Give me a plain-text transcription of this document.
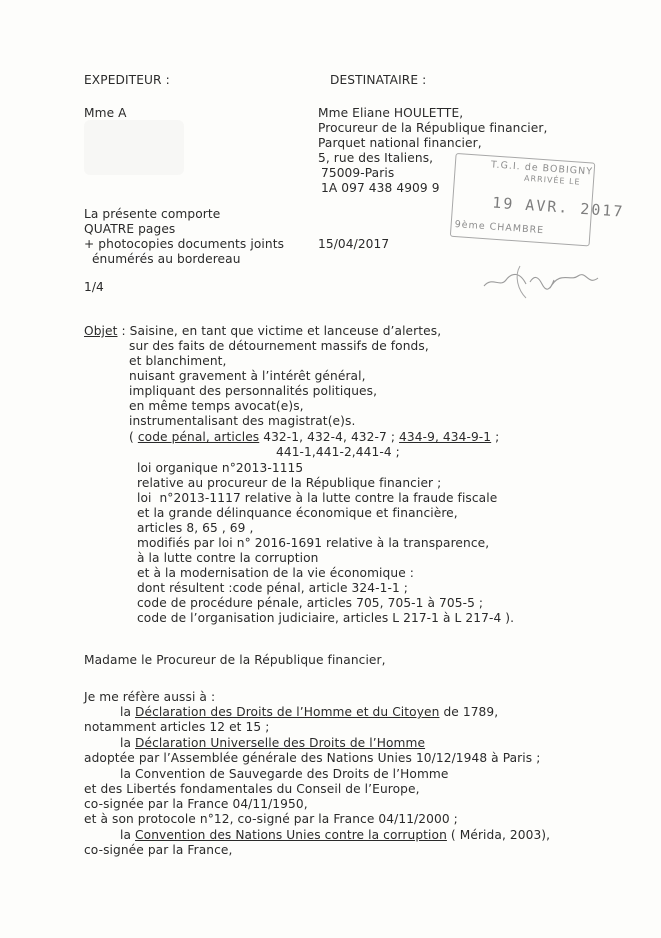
EXPEDITEUR :	DESTINATAIRE :
Mme A	Mme Eliane HOULETTE,
Procureur de la République financier,
Parquet national financier,
5, rue des Italiens,
75009-Paris
1A 097 438 4909 9
T.G.I. de BOBIGNY
ARRIVÉE LE
19 AVR. 2017
9ème CHAMBRE
La présente comporte
QUATRE pages
+ photocopies documents joints
énumérés au bordereau
15/04/2017
1/4
Objet : Saisine, en tant que victime et lanceuse d’alertes,
sur des faits de détournement massifs de fonds,
et blanchiment,
nuisant gravement à l’intérêt général,
impliquant des personnalités politiques,
en même temps avocat(e)s,
instrumentalisant des magistrat(e)s.
( code pénal, articles 432-1, 432-4, 432-7 ; 434-9, 434-9-1 ;
441-1,441-2,441-4 ;
loi organique n°2013-1115
relative au procureur de la République financier ;
loi  n°2013-1117 relative à la lutte contre la fraude fiscale
et la grande délinquance économique et financière,
articles 8, 65 , 69 ,
modifiés par loi n° 2016-1691 relative à la transparence,
à la lutte contre la corruption
et à la modernisation de la vie économique :
dont résultent :code pénal, article 324-1-1 ;
code de procédure pénale, articles 705, 705-1 à 705-5 ;
code de l’organisation judiciaire, articles L 217-1 à L 217-4 ).
Madame le Procureur de la République financier,
Je me réfère aussi à :
la Déclaration des Droits de l’Homme et du Citoyen de 1789,
notamment articles 12 et 15 ;
la Déclaration Universelle des Droits de l’Homme
adoptée par l’Assemblée générale des Nations Unies 10/12/1948 à Paris ;
la Convention de Sauvegarde des Droits de l’Homme
et des Libertés fondamentales du Conseil de l’Europe,
co-signée par la France 04/11/1950,
et à son protocole n°12, co-signé par la France 04/11/2000 ;
la Convention des Nations Unies contre la corruption ( Mérida, 2003),
co-signée par la France,
